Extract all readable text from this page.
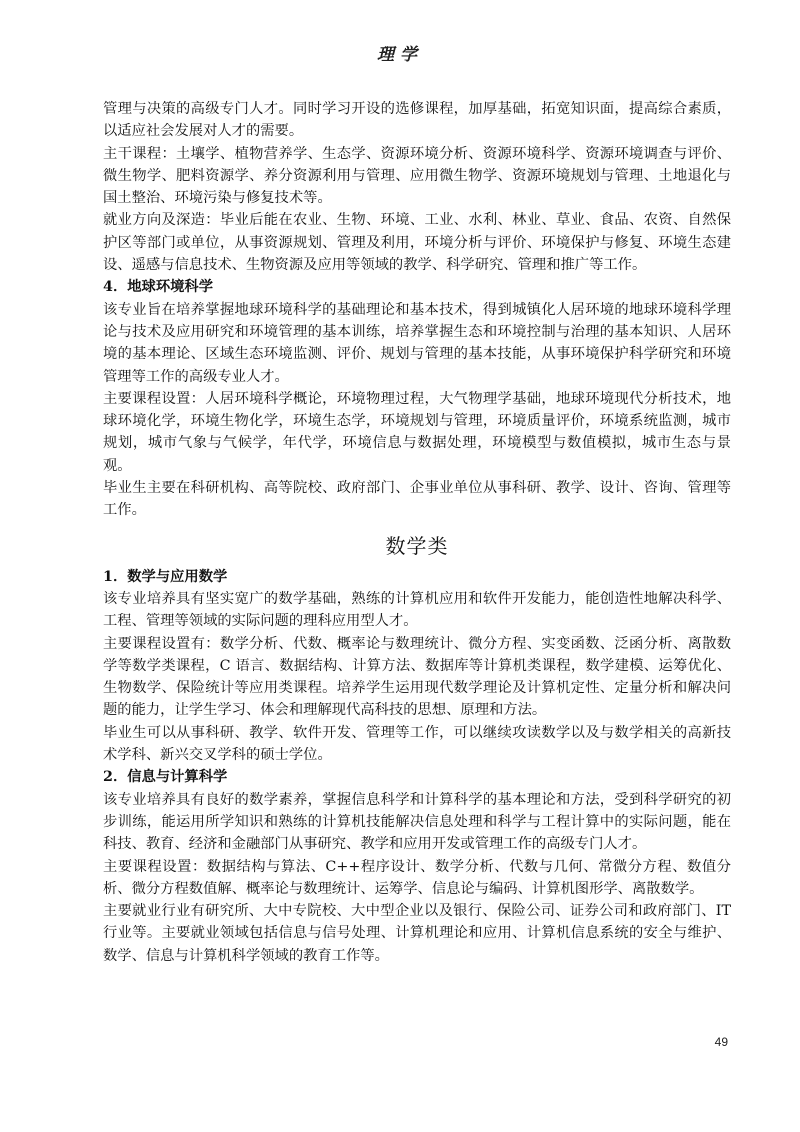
理学

管理与决策的高级专门人才。同时学习开设的选修课程，加厚基础，拓宽知识面，提高综合素质，以适应社会发展对人才的需要。

主干课程：土壤学、植物营养学、生态学、资源环境分析、资源环境科学、资源环境调查与评价、微生物学、肥料资源学、养分资源利用与管理、应用微生物学、资源环境规划与管理、土地退化与国土整治、环境污染与修复技术等。

就业方向及深造：毕业后能在农业、生物、环境、工业、水利、林业、草业、食品、农资、自然保护区等部门或单位，从事资源规划、管理及利用，环境分析与评价、环境保护与修复、环境生态建设、遥感与信息技术、生物资源及应用等领域的教学、科学研究、管理和推广等工作。

4．地球环境科学

该专业旨在培养掌握地球环境科学的基础理论和基本技术，得到城镇化人居环境的地球环境科学理论与技术及应用研究和环境管理的基本训练，培养掌握生态和环境控制与治理的基本知识、人居环境的基本理论、区域生态环境监测、评价、规划与管理的基本技能，从事环境保护科学研究和环境管理等工作的高级专业人才。

主要课程设置：人居环境科学概论，环境物理过程，大气物理学基础，地球环境现代分析技术，地球环境化学，环境生物化学，环境生态学，环境规划与管理，环境质量评价，环境系统监测，城市规划，城市气象与气候学，年代学，环境信息与数据处理，环境模型与数值模拟，城市生态与景观。

毕业生主要在科研机构、高等院校、政府部门、企事业单位从事科研、教学、设计、咨询、管理等工作。

数学类
1．数学与应用数学

该专业培养具有坚实宽广的数学基础，熟练的计算机应用和软件开发能力，能创造性地解决科学、工程、管理等领域的实际问题的理科应用型人才。

主要课程设置有：数学分析、代数、概率论与数理统计、微分方程、实变函数、泛函分析、离散数学等数学类课程，C 语言、数据结构、计算方法、数据库等计算机类课程，数学建模、运筹优化、生物数学、保险统计等应用类课程。培养学生运用现代数学理论及计算机定性、定量分析和解决问题的能力，让学生学习、体会和理解现代高科技的思想、原理和方法。

毕业生可以从事科研、教学、软件开发、管理等工作，可以继续攻读数学以及与数学相关的高新技术学科、新兴交叉学科的硕士学位。

2．信息与计算科学

该专业培养具有良好的数学素养，掌握信息科学和计算科学的基本理论和方法，受到科学研究的初步训练，能运用所学知识和熟练的计算机技能解决信息处理和科学与工程计算中的实际问题，能在科技、教育、经济和金融部门从事研究、教学和应用开发或管理工作的高级专门人才。

主要课程设置：数据结构与算法、C++程序设计、数学分析、代数与几何、常微分方程、数值分析、微分方程数值解、概率论与数理统计、运筹学、信息论与编码、计算机图形学、离散数学。

主要就业行业有研究所、大中专院校、大中型企业以及银行、保险公司、证券公司和政府部门、IT 行业等。主要就业领域包括信息与信号处理、计算机理论和应用、计算机信息系统的安全与维护、数学、信息与计算机科学领域的教育工作等。

49
